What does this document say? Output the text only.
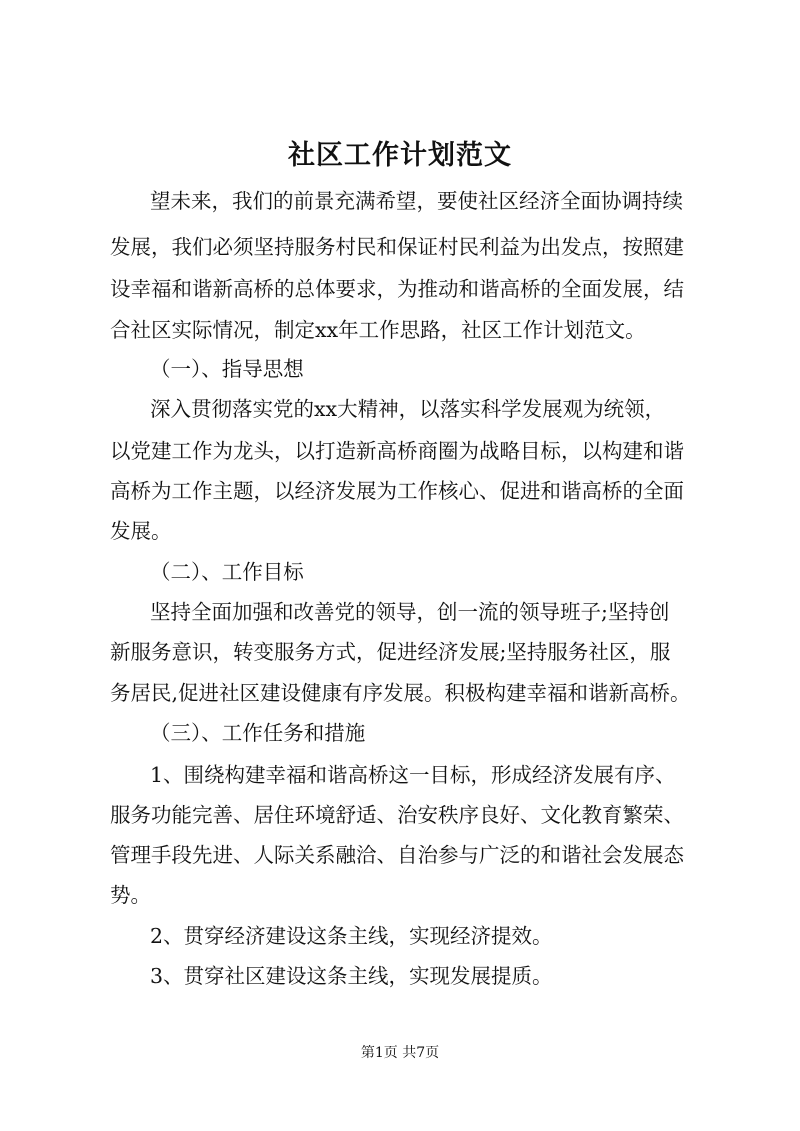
社区工作计划范文
望未来，我们的前景充满希望，要使社区经济全面协调持续
发展，我们必须坚持服务村民和保证村民利益为出发点，按照建
设幸福和谐新高桥的总体要求，为推动和谐高桥的全面发展，结
合社区实际情况，制定xx年工作思路，社区工作计划范文。
（一）、指导思想
深入贯彻落实党的xx大精神，以落实科学发展观为统领，
以党建工作为龙头，以打造新高桥商圈为战略目标，以构建和谐
高桥为工作主题，以经济发展为工作核心、促进和谐高桥的全面
发展。
（二）、工作目标
坚持全面加强和改善党的领导，创一流的领导班子;坚持创
新服务意识，转变服务方式，促进经济发展;坚持服务社区，服
务居民,促进社区建设健康有序发展。积极构建幸福和谐新高桥。
（三）、工作任务和措施
1、围绕构建幸福和谐高桥这一目标，形成经济发展有序、
服务功能完善、居住环境舒适、治安秩序良好、文化教育繁荣、
管理手段先进、人际关系融洽、自治参与广泛的和谐社会发展态
势。
2、贯穿经济建设这条主线，实现经济提效。
3、贯穿社区建设这条主线，实现发展提质。
第1页 共7页
